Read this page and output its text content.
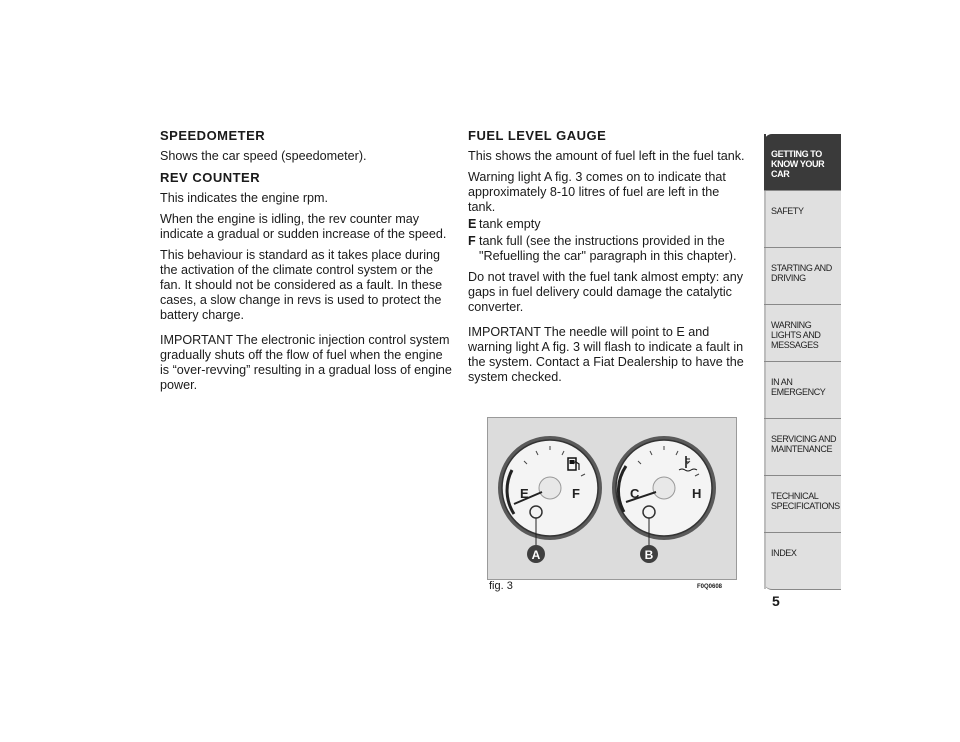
SPEEDOMETER

Shows the car speed (speedometer).

REV COUNTER

This indicates the engine rpm.

When the engine is idling, the rev counter may indicate a gradual or sudden increase of the speed.

This behaviour is standard as it takes place during the activation of the climate control system or the fan. It should not be considered as a fault. In these cases, a slow change in revs is used to protect the battery charge.

IMPORTANT The electronic injection control system gradually shuts off the flow of fuel when the engine is “over-revving” resulting in a gradual loss of engine power.

FUEL LEVEL GAUGE

This shows the amount of fuel left in the fuel tank.

Warning light A fig. 3 comes on to indicate that approximately 8-10 litres of fuel are left in the tank.

E tank empty
F tank full (see the instructions provided in the "Refuelling the car" paragraph in this chapter).

Do not travel with the fuel tank almost empty: any gaps in fuel delivery could damage the catalytic converter.

IMPORTANT The needle will point to E and warning light A fig. 3 will flash to indicate a fault in the system. Contact a Fiat Dealership to have the system checked.

E	F	C	H
A	B
fig. 3	F0Q0608
GETTING TO KNOW YOUR CAR
SAFETY
STARTING AND DRIVING
WARNING LIGHTS AND MESSAGES
IN AN EMERGENCY
SERVICING AND MAINTENANCE
TECHNICAL SPECIFICATIONS
INDEX
5
